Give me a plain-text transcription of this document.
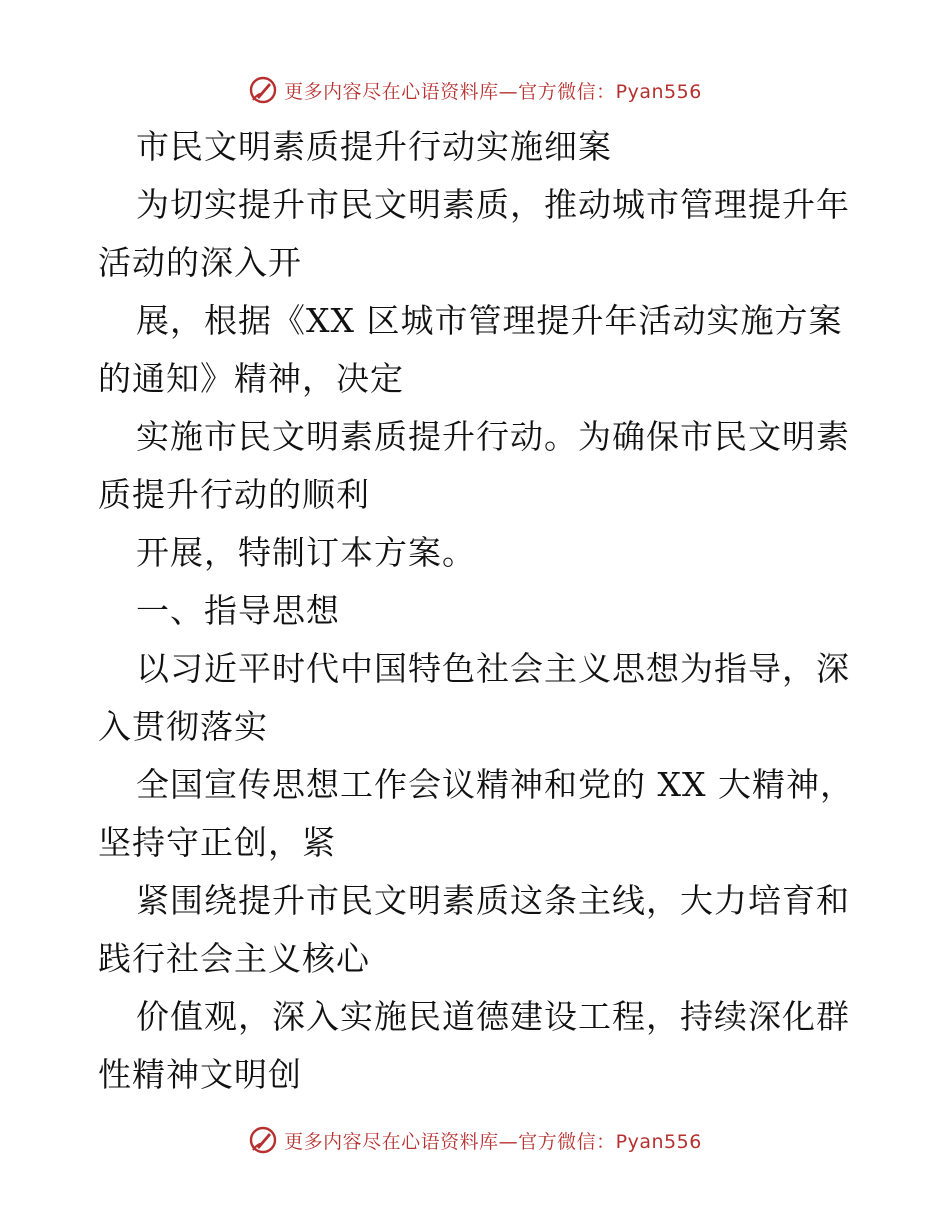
更多内容尽在心语资料库—官方微信：Pyan556
市民文明素质提升行动实施细案
为切实提升市民文明素质，推动城市管理提升年
活动的深入开
展，根据《XX 区城市管理提升年活动实施方案
的通知》精神，决定
实施市民文明素质提升行动。为确保市民文明素
质提升行动的顺利
开展，特制订本方案。
一、指导思想
以习近平时代中国特色社会主义思想为指导，深
入贯彻落实
全国宣传思想工作会议精神和党的 XX 大精神，
坚持守正创，紧
紧围绕提升市民文明素质这条主线，大力培育和
践行社会主义核心
价值观，深入实施民道德建设工程，持续深化群
性精神文明创
更多内容尽在心语资料库—官方微信：Pyan556
